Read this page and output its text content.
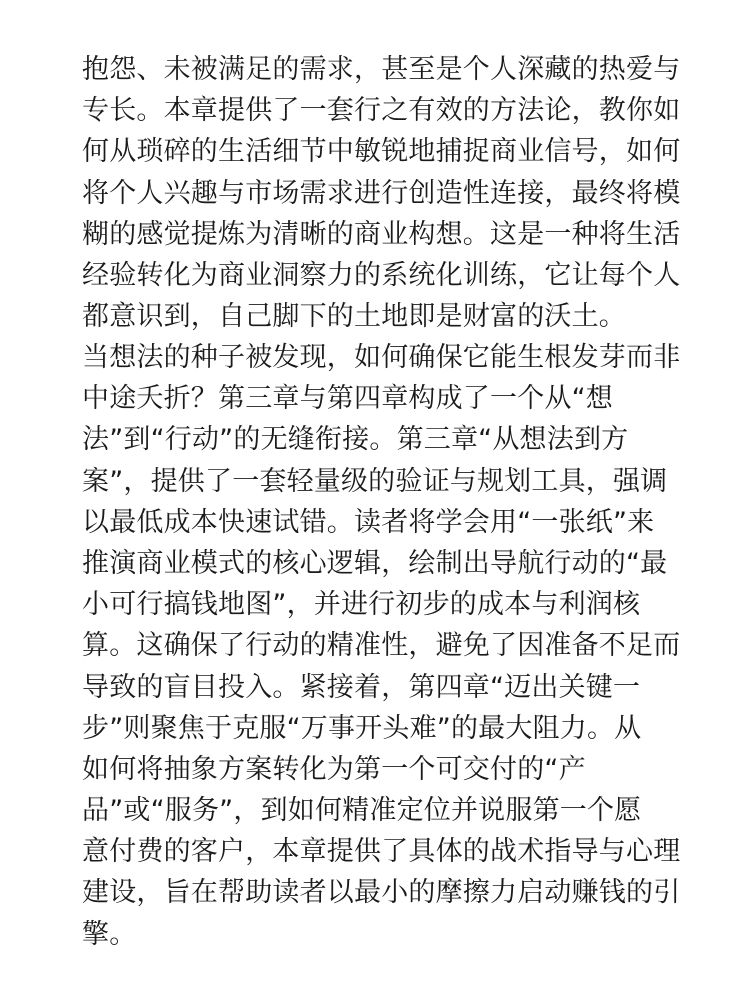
抱怨、未被满足的需求，甚至是个人深藏的热爱与
专长。本章提供了一套行之有效的方法论，教你如
何从琐碎的生活细节中敏锐地捕捉商业信号，如何
将个人兴趣与市场需求进行创造性连接，最终将模
糊的感觉提炼为清晰的商业构想。这是一种将生活
经验转化为商业洞察力的系统化训练，它让每个人
都意识到，自己脚下的土地即是财富的沃土。

当想法的种子被发现，如何确保它能生根发芽而非
中途夭折？第三章与第四章构成了一个从“想
法”到“行动”的无缝衔接。第三章“从想法到方
案”，提供了一套轻量级的验证与规划工具，强调
以最低成本快速试错。读者将学会用“一张纸”来
推演商业模式的核心逻辑，绘制出导航行动的“最
小可行搞钱地图”，并进行初步的成本与利润核
算。这确保了行动的精准性，避免了因准备不足而
导致的盲目投入。紧接着，第四章“迈出关键一
步”则聚焦于克服“万事开头难”的最大阻力。从
如何将抽象方案转化为第一个可交付的“产
品”或“服务”，到如何精准定位并说服第一个愿
意付费的客户，本章提供了具体的战术指导与心理
建设，旨在帮助读者以最小的摩擦力启动赚钱的引
擎。
